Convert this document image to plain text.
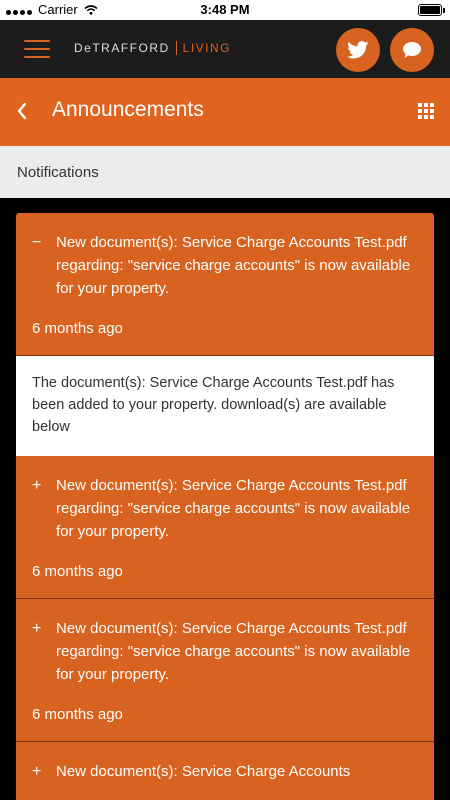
Carrier	3:48 PM
DeTRAFFORD LIVING
Announcements
Notifications
− New document(s): Service Charge Accounts Test.pdf regarding: "service charge accounts" is now available for your property.
6 months ago
The document(s): Service Charge Accounts Test.pdf has been added to your property. download(s) are available below
+ New document(s): Service Charge Accounts Test.pdf regarding: "service charge accounts" is now available for your property.
6 months ago
+ New document(s): Service Charge Accounts Test.pdf regarding: "service charge accounts" is now available for your property.
6 months ago
+ New document(s): Service Charge Accounts
